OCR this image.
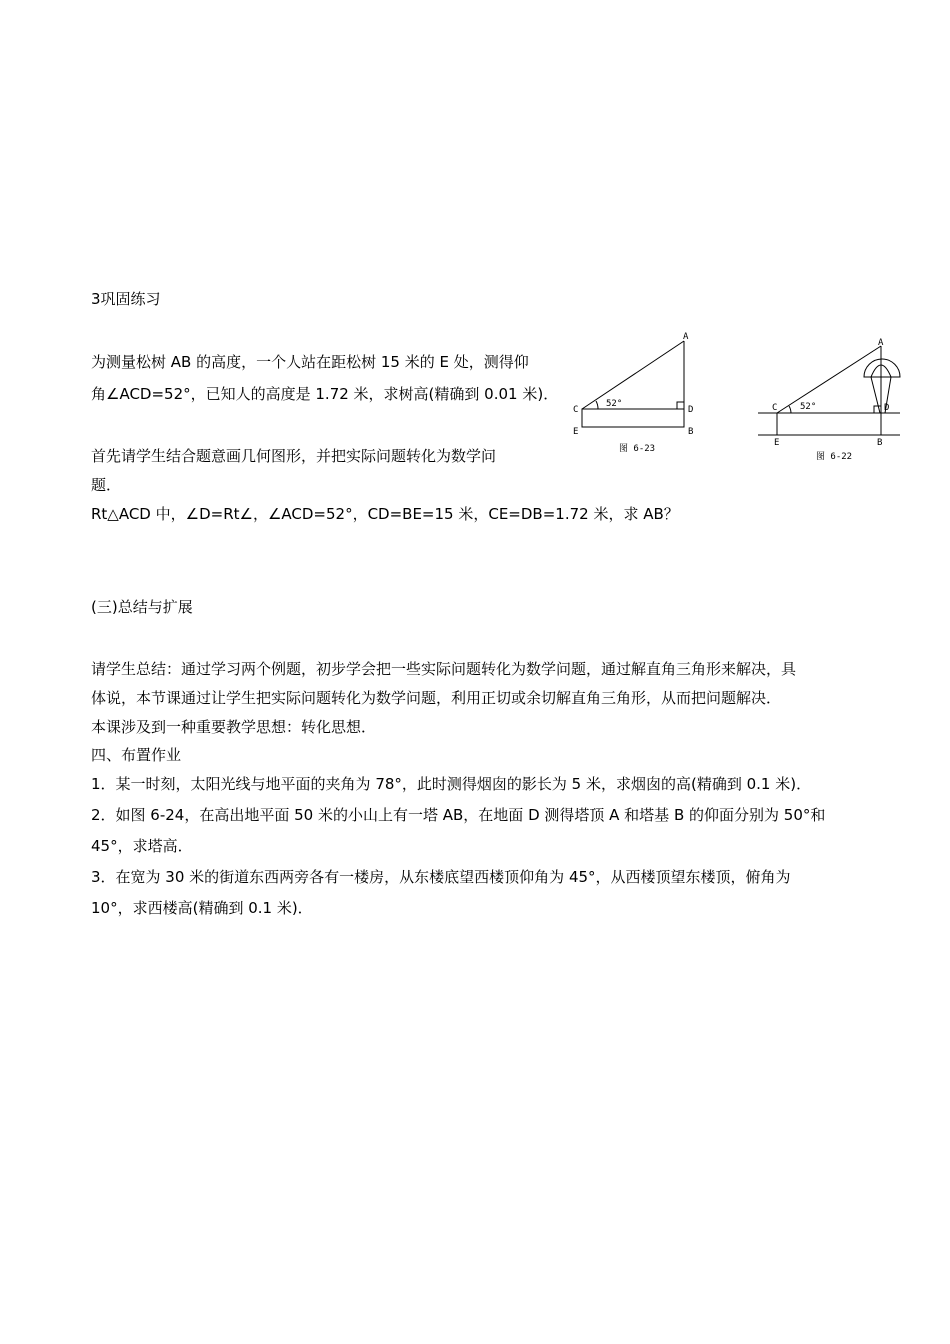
3巩固练习
为测量松树 AB 的高度，一个人站在距松树 15 米的 E 处，测得仰
角∠ACD=52°，已知人的高度是 1.72 米，求树高(精确到 0.01 米)．
首先请学生结合题意画几何图形，并把实际问题转化为数学问
题．
Rt△ACD 中，∠D=Rt∠，∠ACD=52°，CD=BE=15 米，CE=DB=1.72 米，求 AB？
(三)总结与扩展
请学生总结：通过学习两个例题，初步学会把一些实际问题转化为数学问题，通过解直角三角形来解决，具
体说，本节课通过让学生把实际问题转化为数学问题，利用正切或余切解直角三角形，从而把问题解决．
本课涉及到一种重要教学思想：转化思想．
四、布置作业
1．某一时刻，太阳光线与地平面的夹角为 78°，此时测得烟囱的影长为 5 米，求烟囱的高(精确到 0.1 米)．
2．如图 6-24，在高出地平面 50 米的小山上有一塔 AB，在地面 D 测得塔顶 A 和塔基 B 的仰面分别为 50°和
45°，求塔高．
3．在宽为 30 米的街道东西两旁各有一楼房，从东楼底望西楼顶仰角为 45°，从西楼顶望东楼顶，俯角为
10°，求西楼高(精确到 0.1 米)．
A
C	D
E	B
52°
图 6-23
A
C	D
E	B
52°
图 6-22
